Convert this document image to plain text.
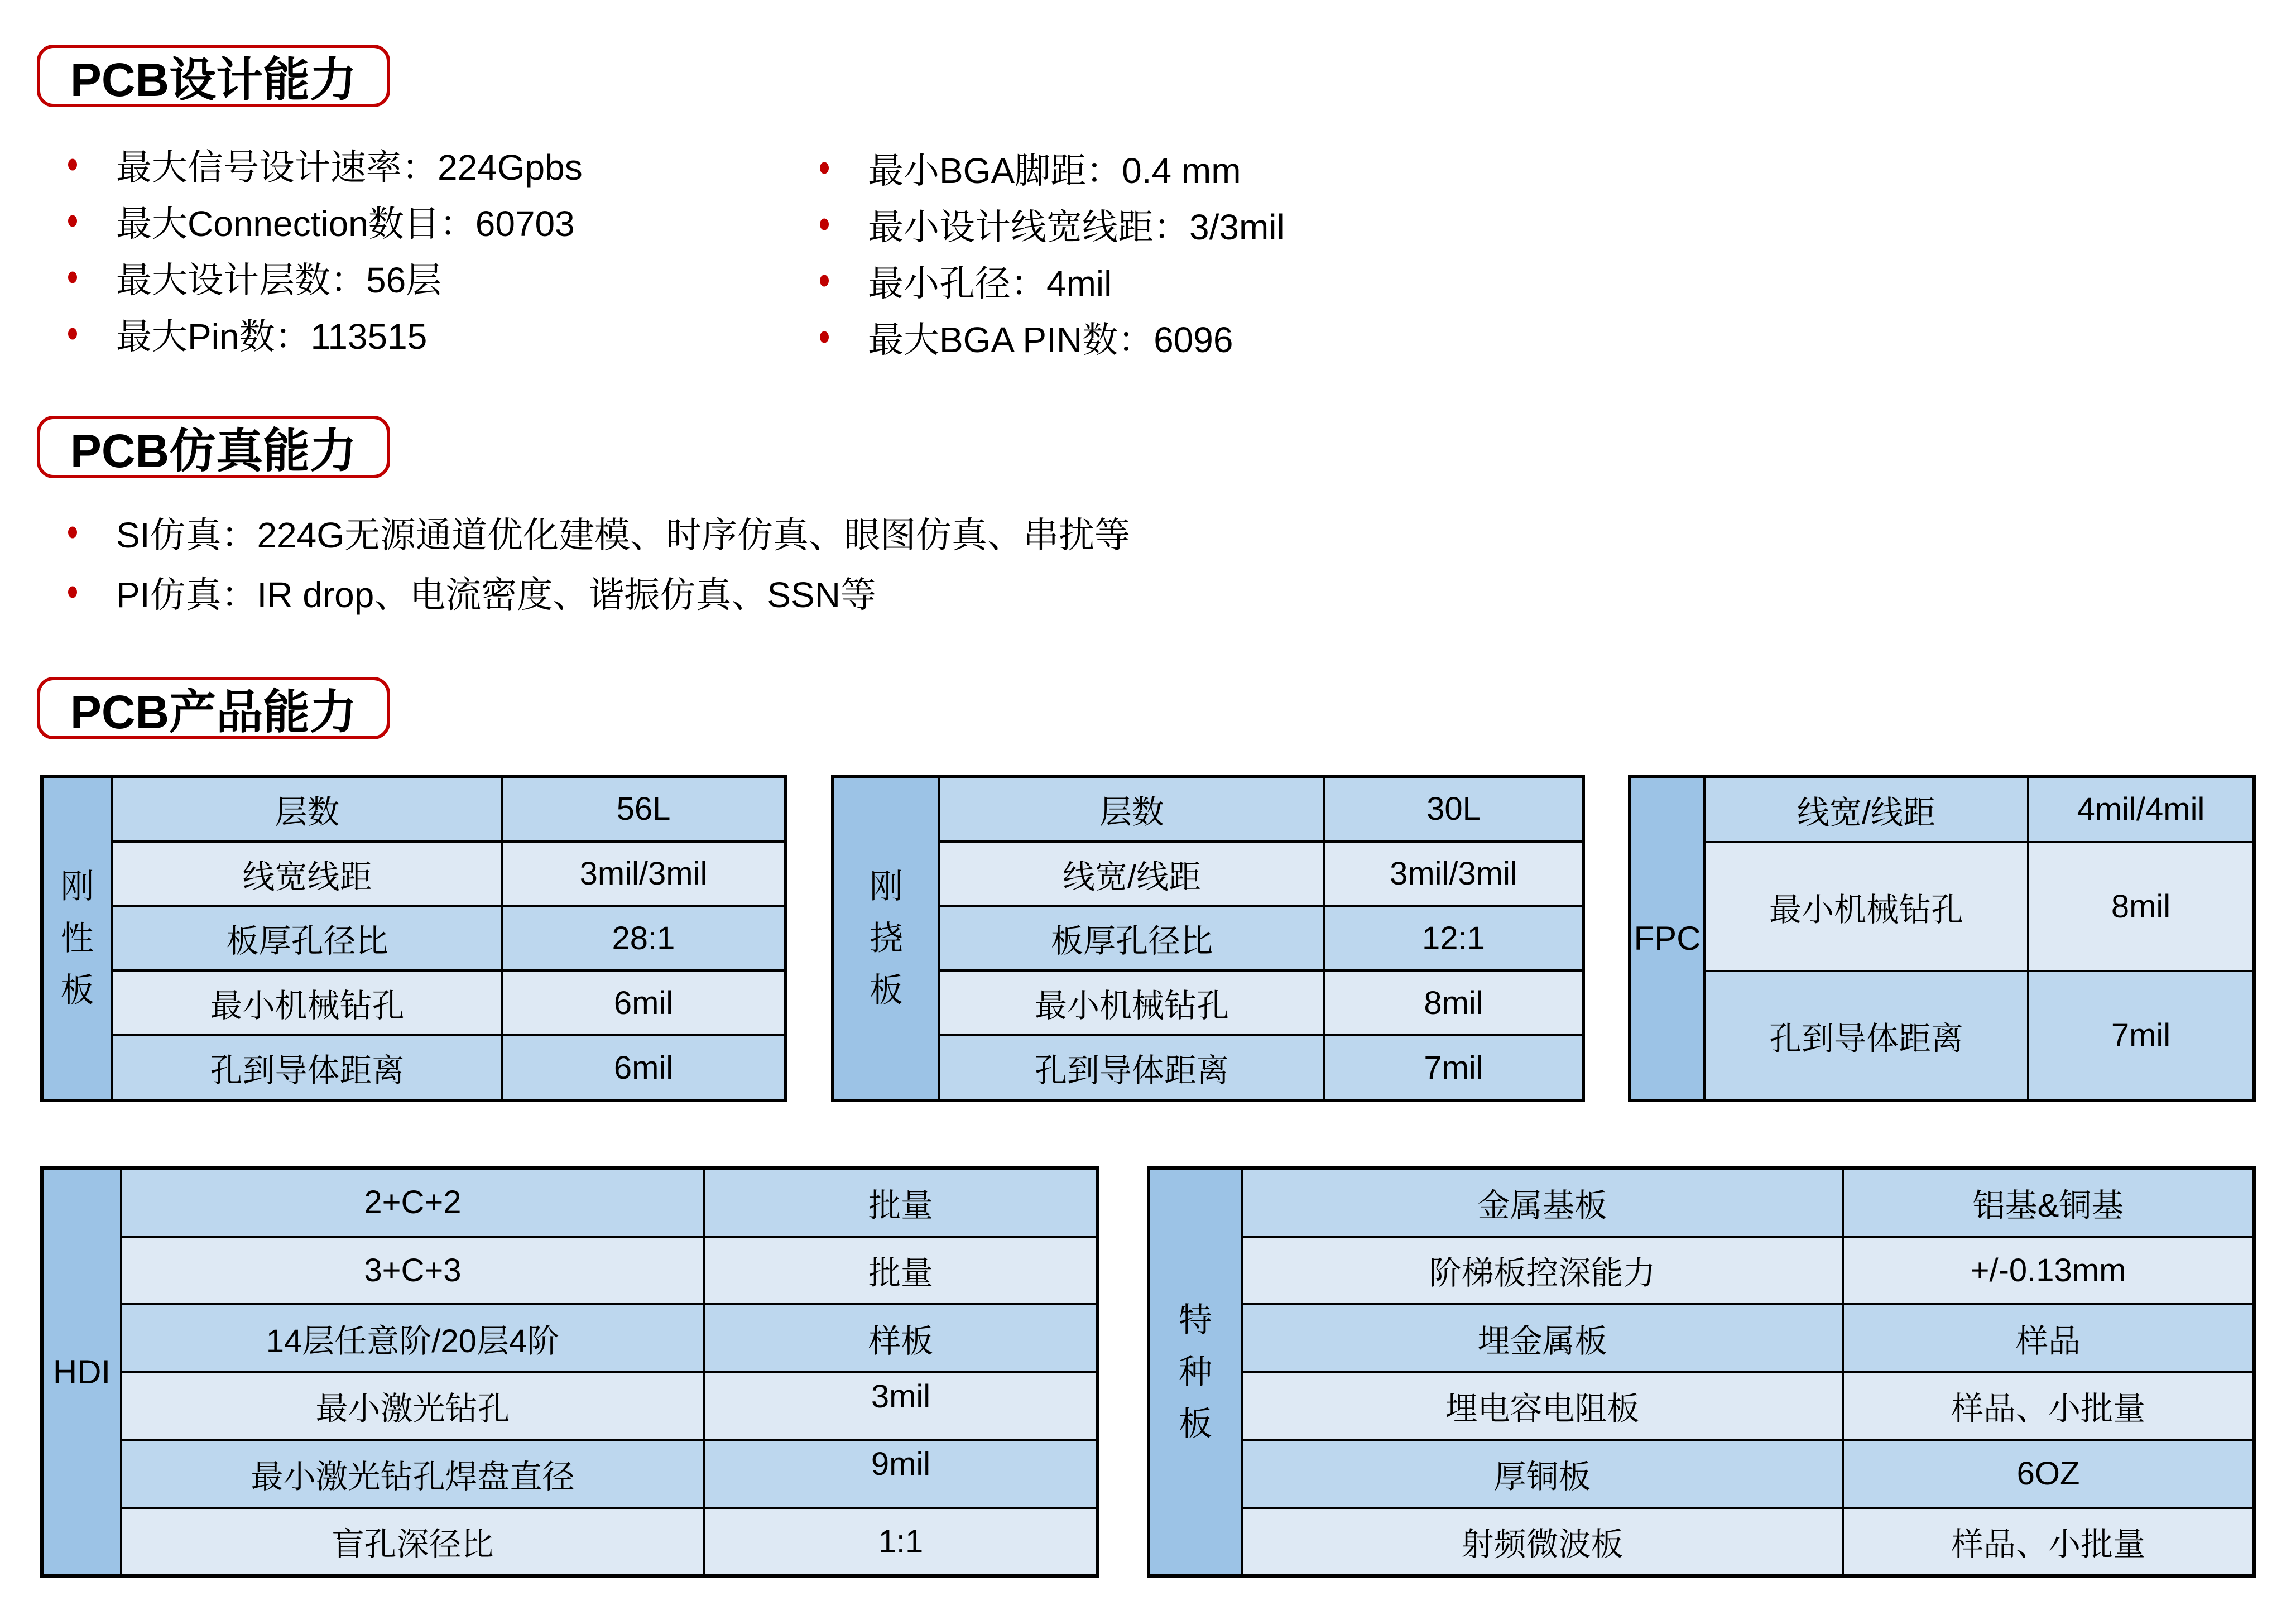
PCB设计能力
最大信号设计速率：224Gpbs
最大Connection数目：60703
最大设计层数：56层
最大Pin数：113515
最小BGA脚距：0.4 mm
最小设计线宽线距：3/3mil
最小孔径：4mil
最大BGA PIN数：6096
PCB仿真能力
SI仿真：224G无源通道优化建模、时序仿真、眼图仿真、串扰等
PI仿真：IR drop、电流密度、谐振仿真、SSN等
PCB产品能力
刚
性
板
层数	56L
线宽线距	3mil/3mil
板厚孔径比	28:1
最小机械钻孔	6mil
孔到导体距离	6mil
刚
挠
板
层数	30L
线宽/线距	3mil/3mil
板厚孔径比	12:1
最小机械钻孔	8mil
孔到导体距离	7mil
FPC
线宽/线距	4mil/4mil
最小机械钻孔	8mil
孔到导体距离	7mil
HDI
2+C+2	批量
3+C+3	批量
14层任意阶/20层4阶	样板
最小激光钻孔	3mil
最小激光钻孔焊盘直径	9mil
盲孔深径比	1:1
特
种
板
金属基板	铝基&铜基
阶梯板控深能力	+/-0.13mm
埋金属板	样品
埋电容电阻板	样品、小批量
厚铜板	6OZ
射频微波板	样品、小批量
